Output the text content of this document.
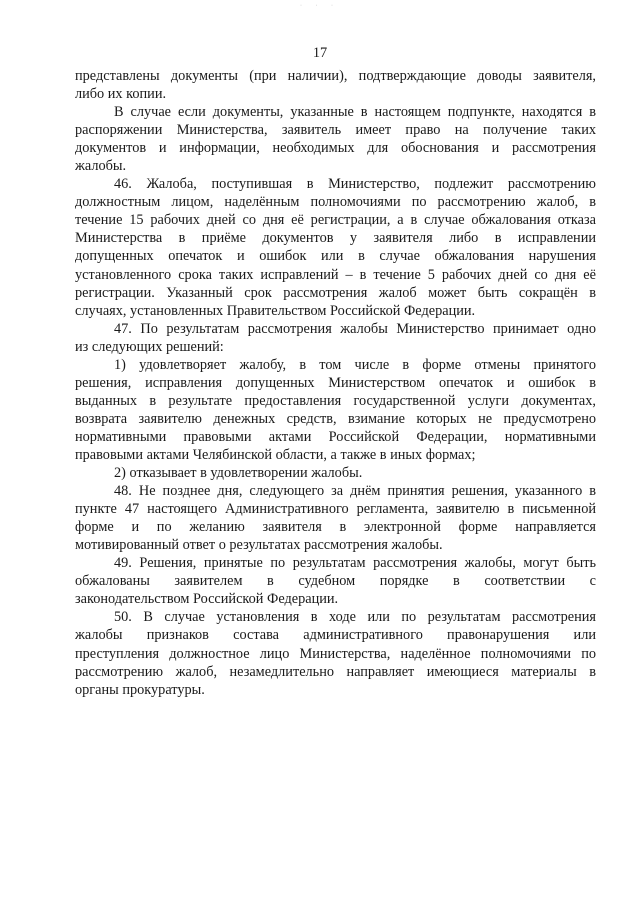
· · ·
17
представлены документы (при наличии), подтверждающие доводы заявителя,
либо их копии.
В случае если документы, указанные в настоящем подпункте, находятся в
распоряжении Министерства, заявитель имеет право на получение таких
документов и информации, необходимых для обоснования и рассмотрения
жалобы.
46. Жалоба, поступившая в Министерство, подлежит рассмотрению
должностным лицом, наделённым полномочиями по рассмотрению жалоб, в
течение 15 рабочих дней со дня её регистрации, а в случае обжалования отказа
Министерства в приёме документов у заявителя либо в исправлении
допущенных опечаток и ошибок или в случае обжалования нарушения
установленного срока таких исправлений – в течение 5 рабочих дней со дня её
регистрации. Указанный срок рассмотрения жалоб может быть сокращён в
случаях, установленных Правительством Российской Федерации.
47. По результатам рассмотрения жалобы Министерство принимает одно
из следующих решений:
1) удовлетворяет жалобу, в том числе в форме отмены принятого
решения, исправления допущенных Министерством опечаток и ошибок в
выданных в результате предоставления государственной услуги документах,
возврата заявителю денежных средств, взимание которых не предусмотрено
нормативными правовыми актами Российской Федерации, нормативными
правовыми актами Челябинской области, а также в иных формах;
2) отказывает в удовлетворении жалобы.
48. Не позднее дня, следующего за днём принятия решения, указанного в
пункте 47 настоящего Административного регламента, заявителю в письменной
форме и по желанию заявителя в электронной форме направляется
мотивированный ответ о результатах рассмотрения жалобы.
49. Решения, принятые по результатам рассмотрения жалобы, могут быть
обжалованы заявителем в судебном порядке в соответствии с
законодательством Российской Федерации.
50. В случае установления в ходе или по результатам рассмотрения
жалобы признаков состава административного правонарушения или
преступления должностное лицо Министерства, наделённое полномочиями по
рассмотрению жалоб, незамедлительно направляет имеющиеся материалы в
органы прокуратуры.
